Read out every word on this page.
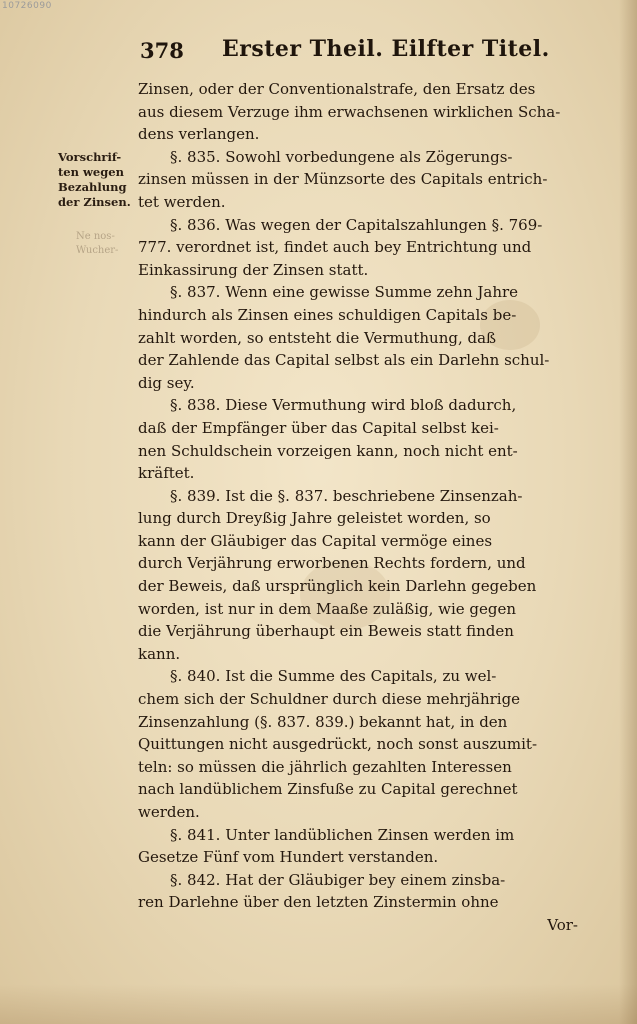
10726090
378 Erster Theil. Eilfter Titel.
Vorschrif-
ten wegen
Bezahlung
der Zinsen.
Ne nos-
Wucher-
Zinsen, oder der Conventionalstrafe, den Ersatz des
aus diesem Verzuge ihm erwachsenen wirklichen Scha-
dens verlangen.
§. 835. Sowohl vorbedungene als Zögerungs-
zinsen müssen in der Münzsorte des Capitals entrich-
tet werden.
§. 836. Was wegen der Capitalszahlungen §. 769-
777. verordnet ist, findet auch bey Entrichtung und
Einkassirung der Zinsen statt.
§. 837. Wenn eine gewisse Summe zehn Jahre
hindurch als Zinsen eines schuldigen Capitals be-
zahlt worden, so entsteht die Vermuthung, daß
der Zahlende das Capital selbst als ein Darlehn schul-
dig sey.
§. 838. Diese Vermuthung wird bloß dadurch,
daß der Empfänger über das Capital selbst kei-
nen Schuldschein vorzeigen kann, noch nicht ent-
kräftet.
§. 839. Ist die §. 837. beschriebene Zinsenzah-
lung durch Dreyßig Jahre geleistet worden, so
kann der Gläubiger das Capital vermöge eines
durch Verjährung erworbenen Rechts fordern, und
der Beweis, daß ursprünglich kein Darlehn gegeben
worden, ist nur in dem Maaße zuläßig, wie gegen
die Verjährung überhaupt ein Beweis statt finden
kann.
§. 840. Ist die Summe des Capitals, zu wel-
chem sich der Schuldner durch diese mehrjährige
Zinsenzahlung (§. 837. 839.) bekannt hat, in den
Quittungen nicht ausgedrückt, noch sonst auszumit-
teln: so müssen die jährlich gezahlten Interessen
nach landüblichem Zinsfuße zu Capital gerechnet
werden.
§. 841. Unter landüblichen Zinsen werden im
Gesetze Fünf vom Hundert verstanden.
§. 842. Hat der Gläubiger bey einem zinsba-
ren Darlehne über den letzten Zinstermin ohne
Vor-
